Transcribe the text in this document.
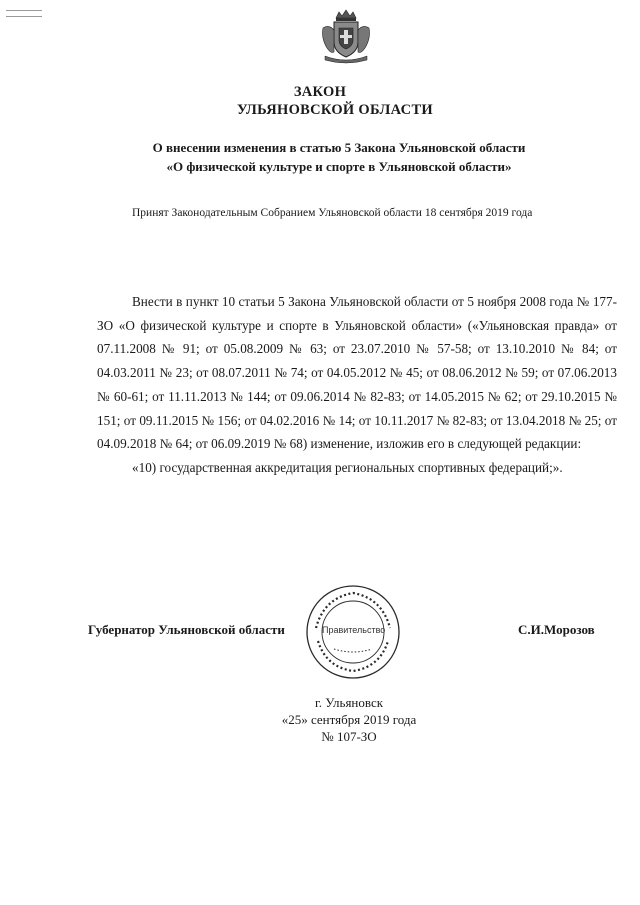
ЗАКОН
УЛЬЯНОВСКОЙ ОБЛАСТИ
О внесении изменения в статью 5 Закона Ульяновской области
«О физической культуре и спорте в Ульяновской области»
Принят Законодательным Собранием Ульяновской области 18 сентября 2019 года

Внести в пункт 10 статьи 5 Закона Ульяновской области от 5 ноября 2008 года № 177-ЗО «О физической культуре и спорте в Ульяновской области» («Ульяновская правда» от 07.11.2008 № 91; от 05.08.2009 № 63; от 23.07.2010 № 57-58; от 13.10.2010 № 84; от 04.03.2011 № 23; от 08.07.2011 № 74; от 04.05.2012 № 45; от 08.06.2012 № 59; от 07.06.2013 № 60-61; от 11.11.2013 № 144; от 09.06.2014 № 82-83; от 14.05.2015 № 62; от 29.10.2015 № 151; от 09.11.2015 № 156; от 04.02.2016 № 14; от 10.11.2017 № 82-83; от 13.04.2018 № 25; от 04.09.2018 № 64; от 06.09.2019 № 68) изменение, изложив его в следующей редакции:

«10) государственная аккредитация региональных спортивных федераций;».

Правительство
Губернатор Ульяновской области	С.И.Морозов
г. Ульяновск
«25» сентября 2019 года
№ 107-ЗО
